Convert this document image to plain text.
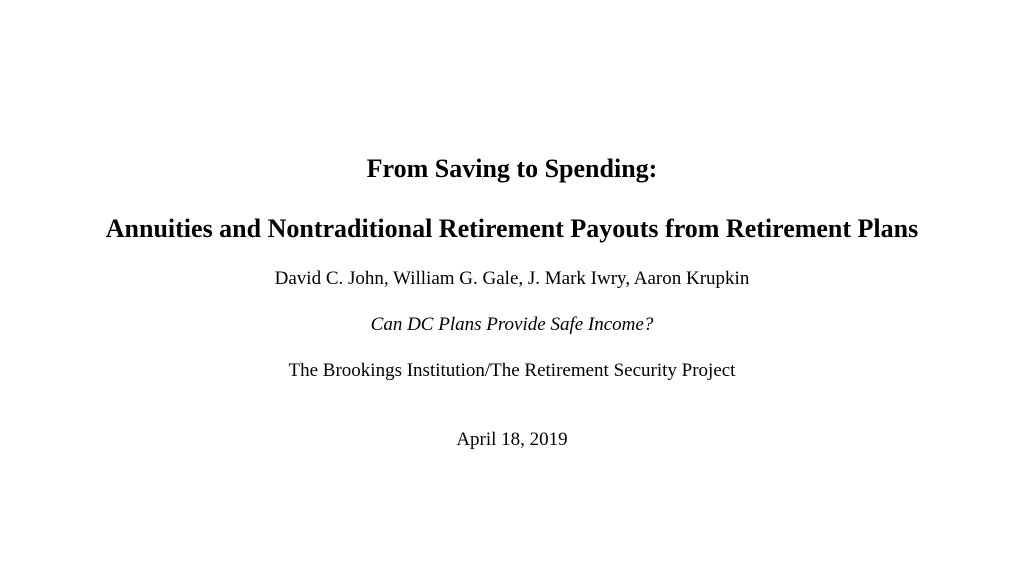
From Saving to Spending:
Annuities and Nontraditional Retirement Payouts from Retirement Plans

David C. John, William G. Gale, J. Mark Iwry, Aaron Krupkin

Can DC Plans Provide Safe Income?

The Brookings Institution/The Retirement Security Project

April 18, 2019
